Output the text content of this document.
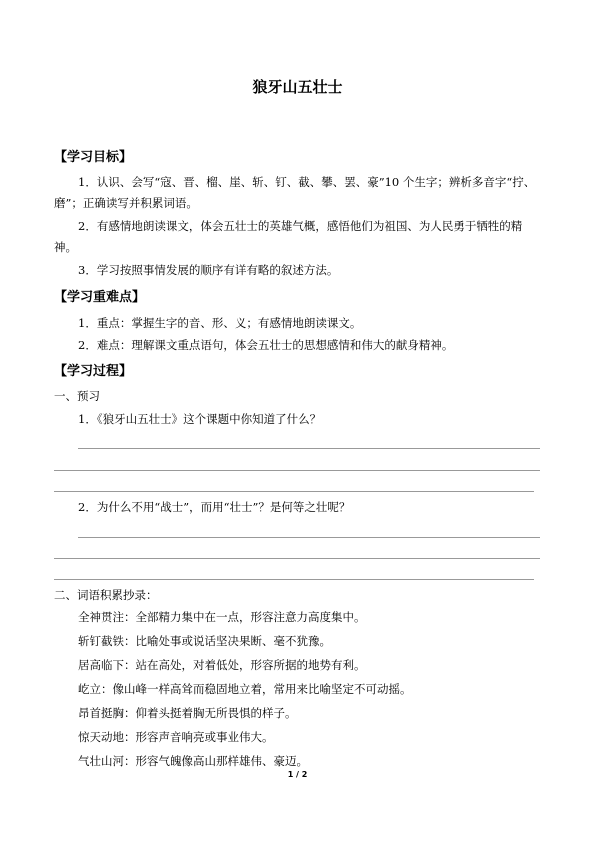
狼牙山五壮士
【学习目标】
1．认识、会写“寇、晋、榴、崖、斩、钉、截、攀、罢、豪”10 个生字；辨析多音字“拧、磨”；正确读写并积累词语。
2．有感情地朗读课文，体会五壮士的英雄气概，感悟他们为祖国、为人民勇于牺牲的精神。
3．学习按照事情发展的顺序有详有略的叙述方法。
【学习重难点】
1．重点：掌握生字的音、形、义；有感情地朗读课文。
2．难点：理解课文重点语句，体会五壮士的思想感情和伟大的献身精神。
【学习过程】
一、预习
1．《狼牙山五壮士》这个课题中你知道了什么？
2．为什么不用“战士”，而用“壮士”？是何等之壮呢？
二、词语积累抄录：
全神贯注：全部精力集中在一点，形容注意力高度集中。
斩钉截铁：比喻处事或说话坚决果断、毫不犹豫。
居高临下：站在高处，对着低处，形容所据的地势有利。
屹立：像山峰一样高耸而稳固地立着，常用来比喻坚定不可动摇。
昂首挺胸：仰着头挺着胸无所畏惧的样子。
惊天动地：形容声音响亮或事业伟大。
气壮山河：形容气魄像高山那样雄伟、豪迈。
1 / 2
